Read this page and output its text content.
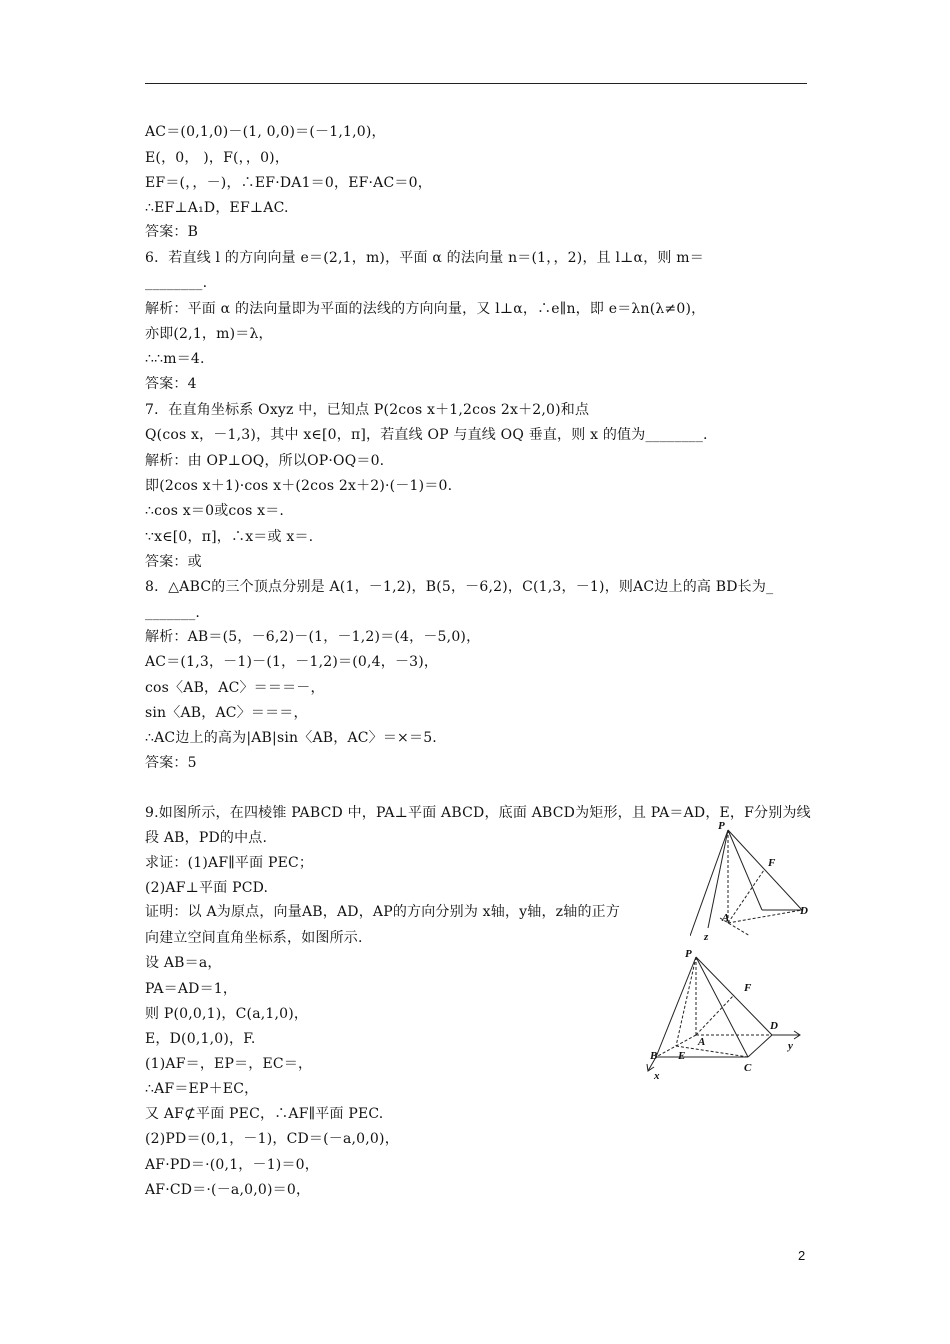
AC＝(0,1,0)－(1, 0,0)＝(－1,1,0)，
E(，0， )，F(，，0)，
EF＝(，，－)，∴EF·DA1＝0，EF·AC＝0，
∴EF⊥A₁D，EF⊥AC.
答案：B
6．若直线 l 的方向向量 e＝(2,1，m)，平面 α 的法向量 n＝(1，，2)，且 l⊥α，则 m＝
________.
解析：平面 α 的法向量即为平面的法线的方向向量，又 l⊥α，∴e∥n，即 e＝λn(λ≠0)，
亦即(2,1，m)＝λ，
∴∴m＝4.
答案：4
7．在直角坐标系 Oxyz 中，已知点 P(2cos x＋1,2cos 2x＋2,0)和点
Q(cos x，－1,3)，其中 x∈[0，π]，若直线 OP 与直线 OQ 垂直，则 x 的值为________.
解析：由 OP⊥OQ，所以OP·OQ＝0.
即(2cos x＋1)·cos x＋(2cos 2x＋2)·(－1)＝0.
∴cos x＝0或cos x＝.
∵x∈[0，π]，∴x＝或 x＝.
答案：或
8．△ABC的三个顶点分别是 A(1，－1,2)，B(5，－6,2)，C(1,3，－1)，则AC边上的高 BD长为_
_______.
解析：AB＝(5，－6,2)－(1，－1,2)＝(4，－5,0)，
AC＝(1,3，－1)－(1，－1,2)＝(0,4，－3)，
cos〈AB，AC〉＝＝＝－，
sin〈AB，AC〉＝＝＝，
∴AC边上的高为|AB|sin〈AB，AC〉＝×＝5.
答案：5
9.如图所示，在四棱锥 PABCD 中，PA⊥平面 ABCD，底面 ABCD为矩形，且 PA＝AD，E，F分别为线
段 AB，PD的中点.
求证：(1)AF∥平面 PEC；
(2)AF⊥平面 PCD.
证明：以 A为原点，向量AB，AD，AP的方向分别为 x轴，y轴，z轴的正方
向建立空间直角坐标系，如图所示.
设 AB＝a，
PA＝AD＝1，
则 P(0,0,1)，C(a,1,0)，
E，D(0,1,0)，F.
(1)AF＝，EP＝，EC＝，
∴AF＝EP＋EC，
又 AF⊄平面 PEC，∴AF∥平面 PEC.
(2)PD＝(0,1，－1)，CD＝(－a,0,0)，
AF·PD＝·(0,1，－1)＝0，
AF·CD＝·(－a,0,0)＝0，
P
F
A
D
z
P
F
D
y
A
B E
C
x
2
